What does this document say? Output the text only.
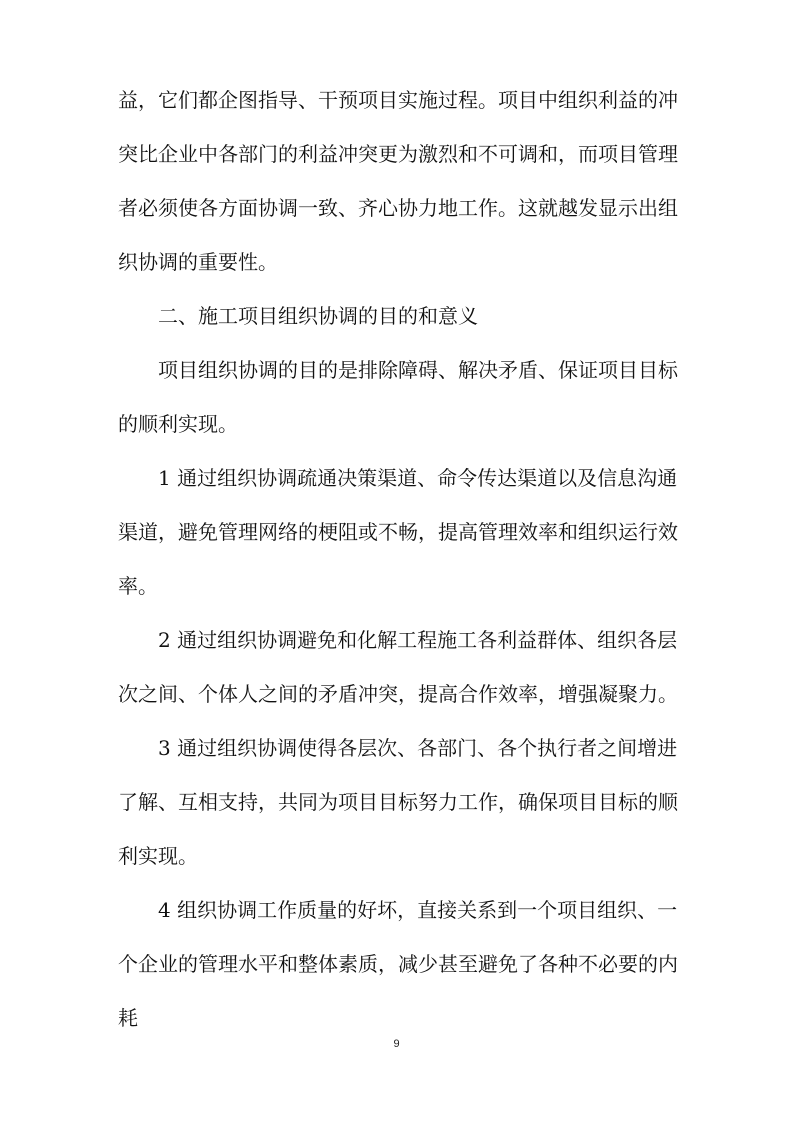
益，它们都企图指导、干预项目实施过程。项目中组织利益的冲
突比企业中各部门的利益冲突更为激烈和不可调和，而项目管理
者必须使各方面协调一致、齐心协力地工作。这就越发显示出组
织协调的重要性。
二、施工项目组织协调的目的和意义
项目组织协调的目的是排除障碍、解决矛盾、保证项目目标
的顺利实现。
1 通过组织协调疏通决策渠道、命令传达渠道以及信息沟通
渠道，避免管理网络的梗阻或不畅，提高管理效率和组织运行效
率。
2 通过组织协调避免和化解工程施工各利益群体、组织各层
次之间、个体人之间的矛盾冲突，提高合作效率，增强凝聚力。
3 通过组织协调使得各层次、各部门、各个执行者之间增进
了解、互相支持，共同为项目目标努力工作，确保项目目标的顺
利实现。
4 组织协调工作质量的好坏，直接关系到一个项目组织、一
个企业的管理水平和整体素质，减少甚至避免了各种不必要的内
耗
9
